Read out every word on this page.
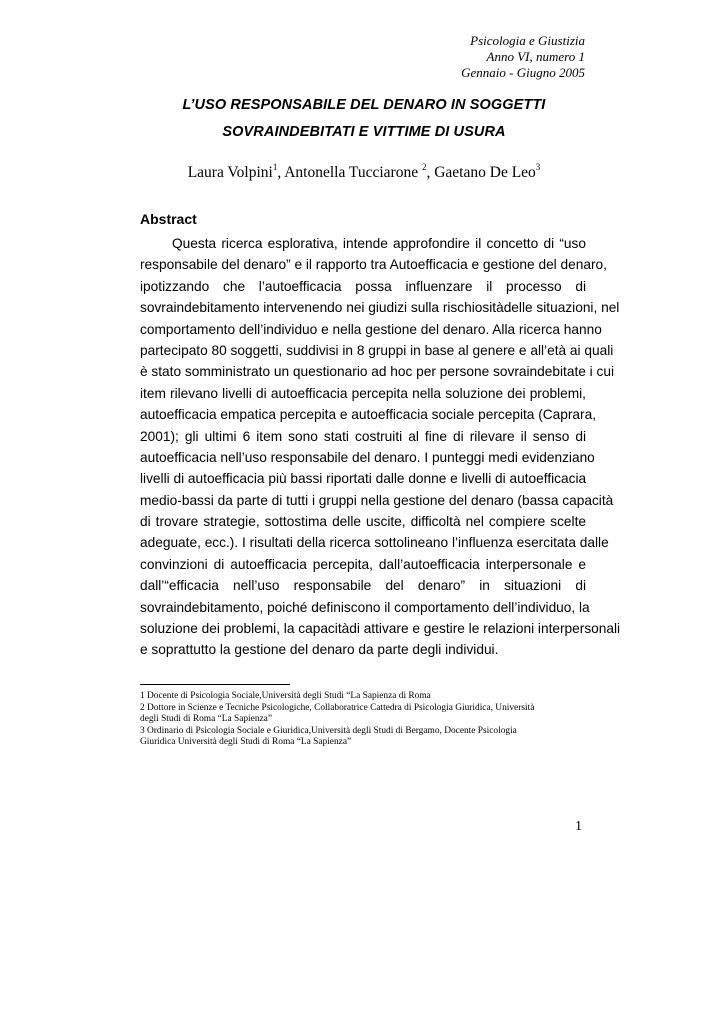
Psicologia e Giustizia
Anno VI, numero 1
Gennaio - Giugno 2005
L’USO RESPONSABILE DEL DENARO IN SOGGETTI
SOVRAINDEBITATI E VITTIME DI USURA
Laura Volpini$^1$, Antonella Tucciarone $^2$, Gaetano De Leo$^3$
Abstract
Questa ricerca esplorativa, intende approfondire il concetto di “uso
responsabile del denaro” e il rapporto tra Autoefficacia e gestione del denaro,
ipotizzando che l’autoefficacia possa influenzare il processo di
sovraindebitamento intervenendo nei giudizi sulla rischiositàdelle situazioni, nel
comportamento dell’individuo e nella gestione del denaro. Alla ricerca hanno
partecipato 80 soggetti, suddivisi in 8 gruppi in base al genere e all’età ai quali
è stato somministrato un questionario ad hoc per persone sovraindebitate i cui
item rilevano livelli di autoefficacia percepita nella soluzione dei problemi,
autoefficacia empatica percepita e autoefficacia sociale percepita (Caprara,
2001); gli ultimi 6 item sono stati costruiti al fine di rilevare il senso di
autoefficacia nell’uso responsabile del denaro. I punteggi medi evidenziano
livelli di autoefficacia più bassi riportati dalle donne e livelli di autoefficacia
medio-bassi da parte di tutti i gruppi nella gestione del denaro (bassa capacità
di trovare strategie, sottostima delle uscite, difficoltà nel compiere scelte
adeguate, ecc.). I risultati della ricerca sottolineano l’influenza esercitata dalle
convinzioni di autoefficacia percepita, dall’autoefficacia interpersonale e
dall’“efficacia nell’uso responsabile del denaro” in situazioni di
sovraindebitamento, poiché definiscono il comportamento dell’individuo, la
soluzione dei problemi, la capacitàdi attivare e gestire le relazioni interpersonali
e soprattutto la gestione del denaro da parte degli individui.
1 Docente di Psicologia Sociale,Università degli Studi “La Sapienza di Roma
2 Dottore in Scienze e Tecniche Psicologiche, Collaboratrice Cattedra di Psicologia Giuridica, Università
degli Studi di Roma “La Sapienza”
3 Ordinario di Psicologia Sociale e Giuridica,Università degli Studi di Bergamo, Docente Psicologia
Giuridica Università degli Studi di Roma “La Sapienza”
1
